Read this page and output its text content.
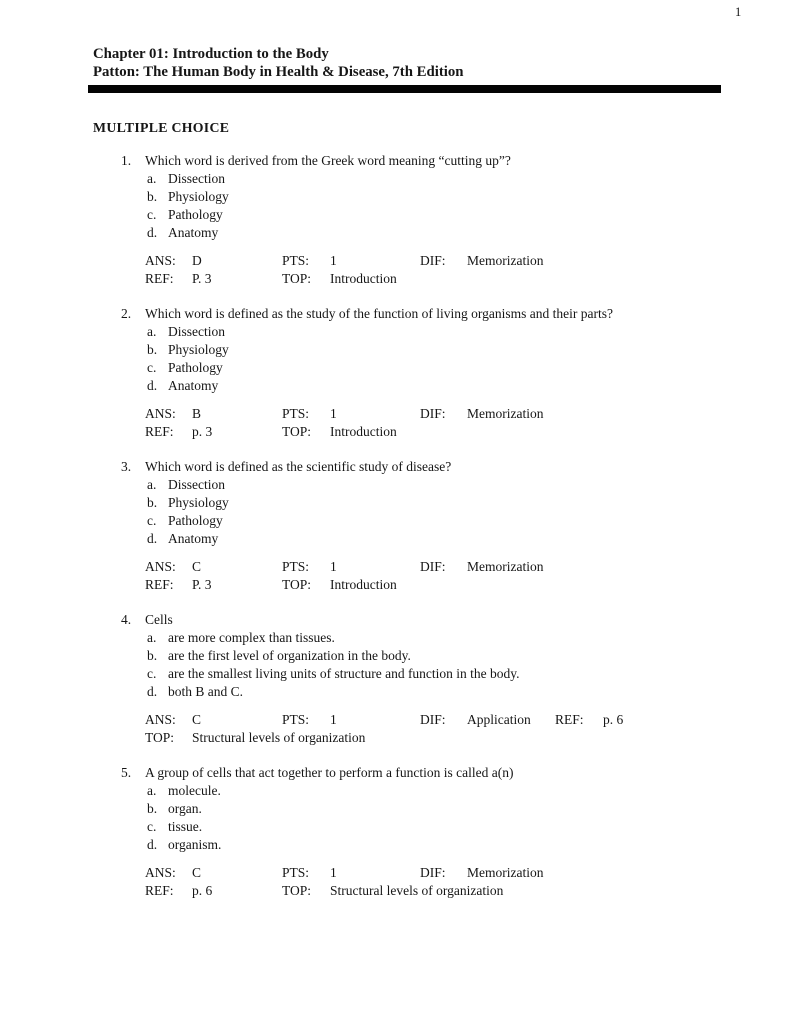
1
Chapter 01: Introduction to the Body
Patton: The Human Body in Health & Disease, 7th Edition
MULTIPLE CHOICE
1.	Which word is derived from the Greek word meaning “cutting up”?
a. Dissection
b. Physiology
c. Pathology
d. Anatomy
ANS: D	PTS: 1	DIF: Memorization
REF: P. 3	TOP: Introduction
2.	Which word is defined as the study of the function of living organisms and their parts?
a. Dissection
b. Physiology
c. Pathology
d. Anatomy
ANS: B	PTS: 1	DIF: Memorization
REF: p. 3	TOP: Introduction
3.	Which word is defined as the scientific study of disease?
a. Dissection
b. Physiology
c. Pathology
d. Anatomy
ANS: C	PTS: 1	DIF: Memorization
REF: P. 3	TOP: Introduction
4.	Cells
a. are more complex than tissues.
b. are the first level of organization in the body.
c. are the smallest living units of structure and function in the body.
d. both B and C.
ANS: C	PTS: 1	DIF: Application REF: p. 6
TOP: Structural levels of organization
5.	A group of cells that act together to perform a function is called a(n)
a. molecule.
b. organ.
c. tissue.
d. organism.
ANS: C	PTS: 1	DIF: Memorization
REF: p. 6	TOP: Structural levels of organization
